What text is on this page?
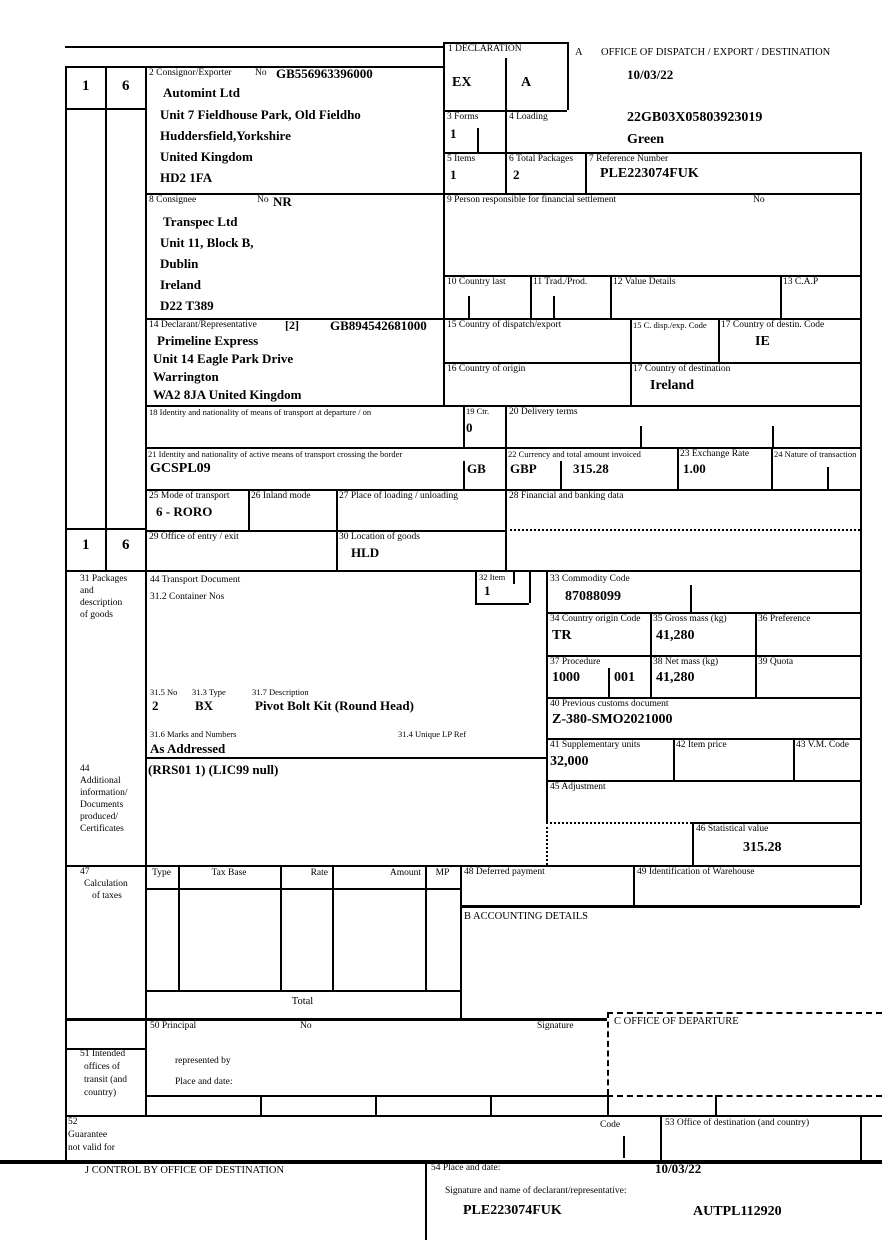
1 6
1 6
1 DECLARATION
EX	A
A OFFICE OF DISPATCH / EXPORT / DESTINATION
10/03/22
22GB03X05803923019
Green
2 Consignor/Exporter No GB556963396000
Automint Ltd
Unit 7 Fieldhouse Park, Old Fieldho
Huddersfield,Yorkshire
United Kingdom
HD2 1FA
3 Forms
1
4 Loading
5 Items
1
6 Total Packages
2
7 Reference Number
PLE223074FUK
8 Consignee	No NR
Transpec Ltd
Unit 11, Block B,
Dublin
Ireland
D22 T389
9 Person responsible for financial settlement	No
10 Country last	11 Trad./Prod.	12 Value Details	13 C.A.P
14 Declarant/Representative [2] GB894542681000
Primeline Express
Unit 14 Eagle Park Drive
Warrington
WA2 8JA United Kingdom
15 Country of dispatch/export	15 C. disp./exp. Code 17 Country of destin. Code
IE
16 Country of origin	17 Country of destination
Ireland
18 Identity and nationality of means of transport at departure / on	19 Ctr.
0
20 Delivery terms
21 Identity and nationality of active means of transport crossing the border
GCSPL09	GB
22 Currency and total amount invoiced
GBP	315.28
23 Exchange Rate
1.00
24 Nature of transaction
25 Mode of transport
6 - RORO
26 Inland mode	27 Place of loading / unloading	28 Financial and banking data
29 Office of entry / exit	30 Location of goods
HLD
31 Packages
and
description
of goods
44 Transport Document
31.2 Container Nos
32 Item
1
33 Commodity Code
87088099
34 Country origin Code
TR
35 Gross mass (kg)
41,280
36 Preference
37 Procedure
1000 001
38 Net mass (kg)
41,280
39 Quota
40 Previous customs document
Z-380-SMO2021000
41 Supplementary units
32,000
42 Item price	43 V.M. Code
31.5 No
2
31.3 Type
BX
31.7 Description
Pivot Bolt Kit (Round Head)
31.6 Marks and Numbers
As Addressed
31.4 Unique LP Ref
(RRS01 1) (LIC99 null)
44
Additional
information/
Documents
produced/
Certificates
45 Adjustment
46 Statistical value
315.28
47
Calculation
of taxes
Type	Tax Base	Rate	Amount	MP
Total
48 Deferred payment	49 Identification of Warehouse
B ACCOUNTING DETAILS
50 Principal	No	Signature	C OFFICE OF DEPARTURE
represented by
Place and date:
51 Intended
offices of
transit (and
country)
52
Guarantee
not valid for
Code	53 Office of destination (and country)
J CONTROL BY OFFICE OF DESTINATION	54 Place and date:	10/03/22
Signature and name of declarant/representative:
PLE223074FUK	AUTPL112920
